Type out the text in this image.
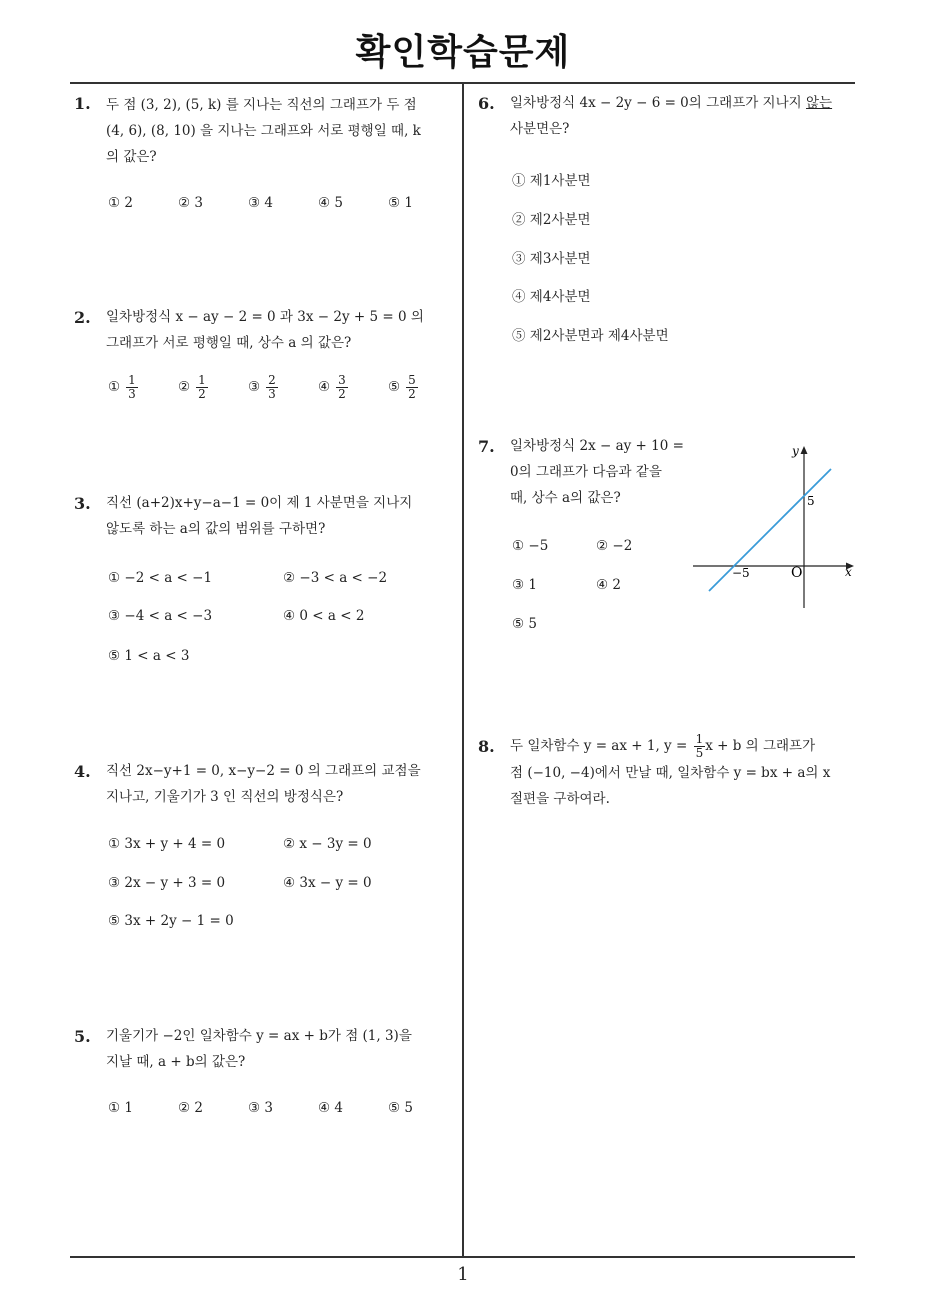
확인학습문제
1. 두 점 (3, 2), (5, k) 를 지나는 직선의 그래프가 두 점
(4, 6), (8, 10) 을 지나는 그래프와 서로 평행일 때, k
의 값은?
① 2	② 3	③ 4	④ 5	⑤ 1
2. 일차방정식 x − ay − 2 = 0 과 3x − 2y + 5 = 0 의
그래프가 서로 평행일 때, 상수 a 의 값은?
① $\frac{1}{3}$	② $\frac{1}{2}$	③ $\frac{2}{3}$	④ $\frac{3}{2}$	⑤ $\frac{5}{2}$
3. 직선 (a+2)x+y−a−1 = 0이 제 1 사분면을 지나지
않도록 하는 a의 값의 범위를 구하면?
① −2 < a < −1	② −3 < a < −2
③ −4 < a < −3	④ 0 < a < 2
⑤ 1 < a < 3
4. 직선 2x−y+1 = 0, x−y−2 = 0 의 그래프의 교점을
지나고, 기울기가 3 인 직선의 방정식은?
① 3x + y + 4 = 0	② x − 3y = 0
③ 2x − y + 3 = 0	④ 3x − y = 0
⑤ 3x + 2y − 1 = 0
5. 기울기가 −2인 일차함수 y = ax + b가 점 (1, 3)을
지날 때, a + b의 값은?
① 1	② 2	③ 3	④ 4	⑤ 5
6. 일차방정식 4x − 2y − 6 = 0의 그래프가 지나지 않는
사분면은?
① 제1사분면
② 제2사분면
③ 제3사분면
④ 제4사분면
⑤ 제2사분면과 제4사분면
7. 일차방정식 2x − ay + 10 =
0의 그래프가 다음과 같을
때, 상수 a의 값은?
① −5	② −2
③ 1	④ 2
⑤ 5
y
x
O
−5
5
8. 두 일차함수 y = ax + 1, $y = \frac{1}{5}$ x + b 의 그래프가
점 (−10, −4)에서 만날 때, 일차함수 y = bx + a의 x
절편을 구하여라.
1
